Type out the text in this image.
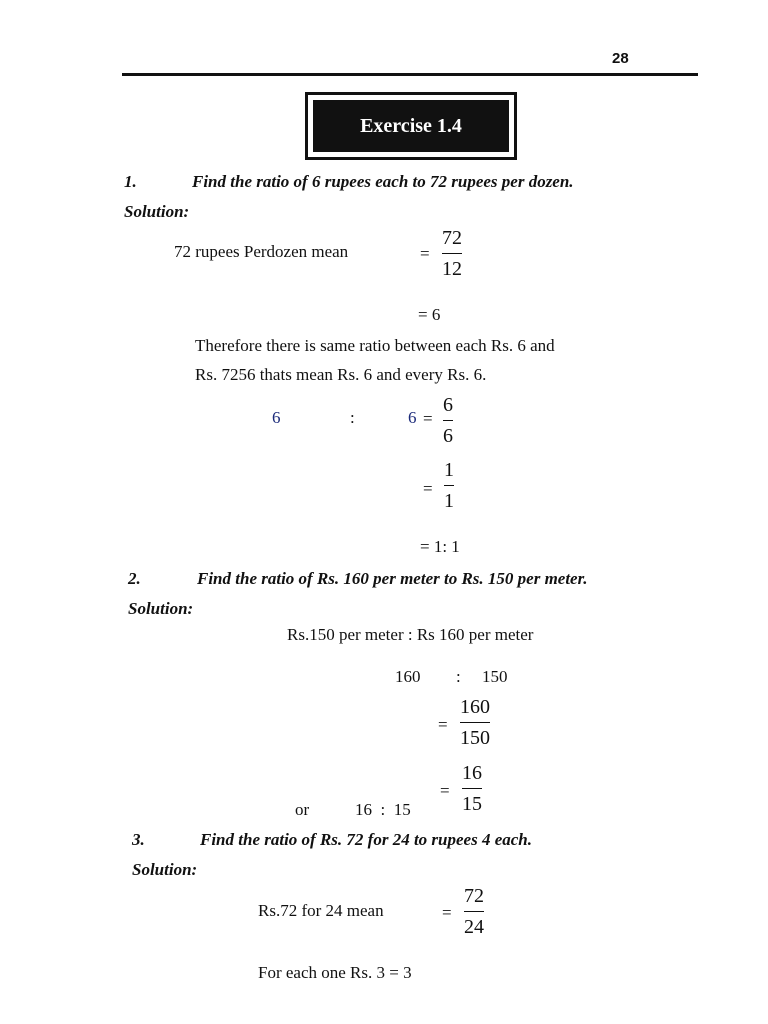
28
Exercise 1.4
1.	Find the ratio of 6 rupees each to 72 rupees per dozen.
Solution:
72 rupees Perdozen mean	=
72
12
= 6
Therefore there is same ratio between each Rs. 6 and
Rs. 7256 thats mean Rs. 6 and every Rs. 6.
6	:	6 =
6
6
=
1
1
= 1: 1
2.	Find the ratio of Rs. 160 per meter to Rs. 150 per meter.
Solution:
Rs.150 per meter : Rs 160 per meter
160 : 150
=
160
150
=
16
15
or	16  :  15
3.	Find the ratio of Rs. 72 for 24 to rupees 4 each.
Solution:
Rs.72 for 24 mean	=
72
24
For each one Rs. 3 = 3
